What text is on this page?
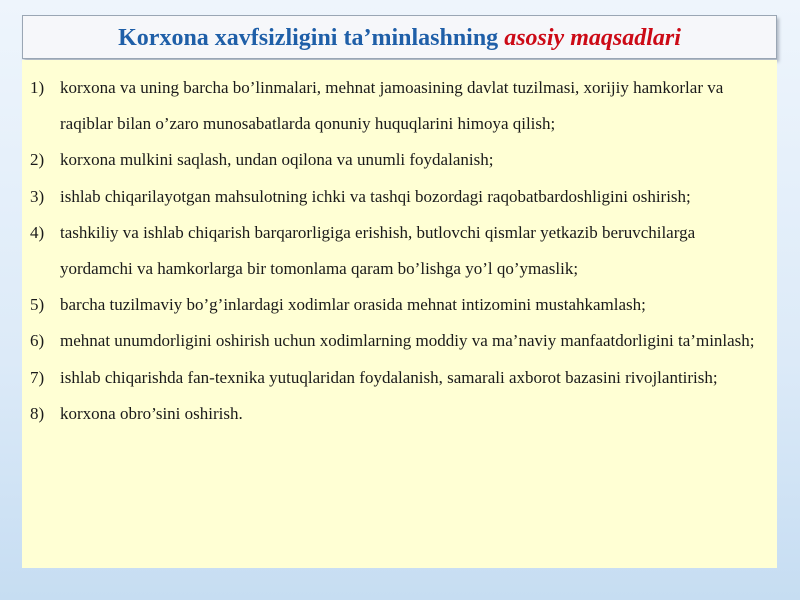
Korxona xavfsizligini ta’minlashning asosiy maqsadlari
1) korxona va uning barcha bo’linmalari, mehnat jamoasining davlat tuzilmasi, xorijiy hamkorlar va raqiblar bilan o’zaro munosabatlarda qonuniy huquqlarini himoya qilish;
2) korxona mulkini saqlash, undan oqilona va unumli foydalanish;
3) ishlab chiqarilayotgan mahsulotning ichki va tashqi bozordagi raqobatbardoshligini oshirish;
4) tashkiliy va ishlab chiqarish barqarorligiga erishish, butlovchi qismlar yetkazib beruvchilarga yordamchi va hamkorlarga bir tomonlama qaram bo’lishga yo’l qo’ymaslik;
5) barcha tuzilmaviy bo’g’inlardagi xodimlar orasida mehnat intizomini mustahkamlash;
6) mehnat unumdorligini oshirish uchun xodimlarning moddiy va ma’naviy manfaatdorligini ta’minlash;
7) ishlab chiqarishda fan-texnika yutuqlaridan foydalanish, samarali axborot bazasini rivojlantirish;
8) korxona obro’sini oshirish.
